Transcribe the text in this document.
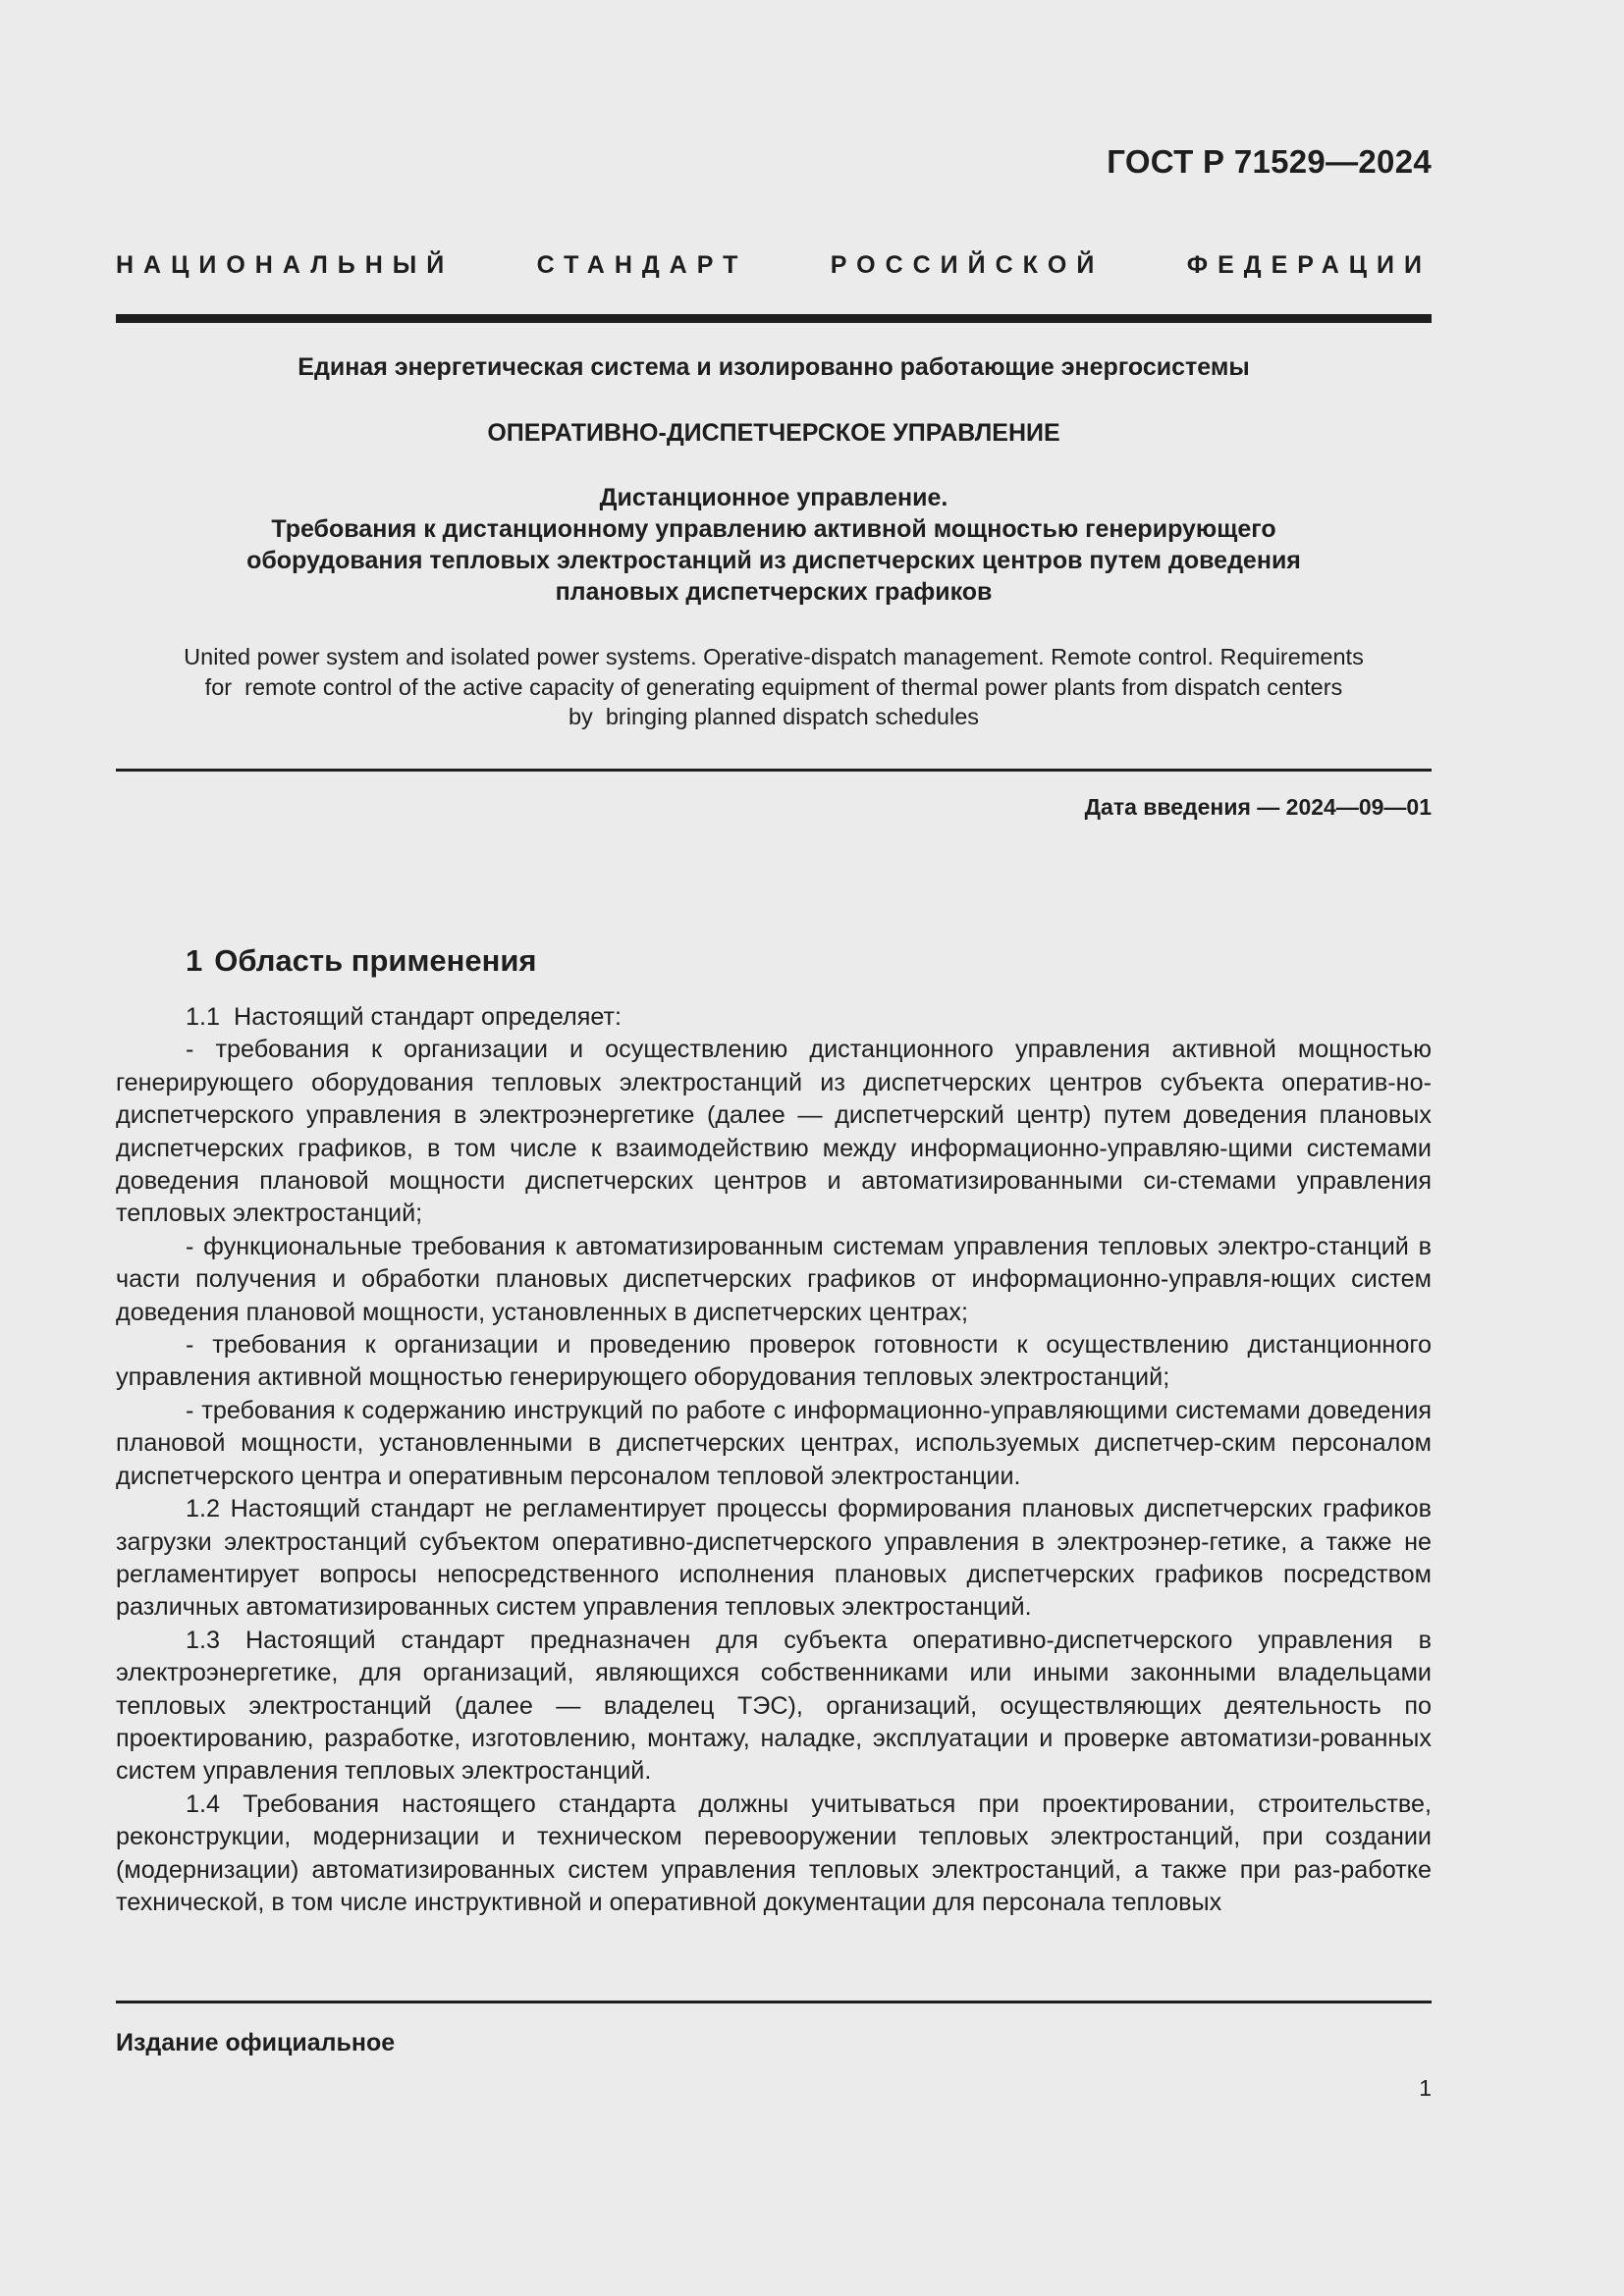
ГОСТ Р 71529—2024
НАЦИОНАЛЬНЫЙ СТАНДАРТ РОССИЙСКОЙ ФЕДЕРАЦИИ
Единая энергетическая система и изолированно работающие энергосистемы
ОПЕРАТИВНО-ДИСПЕТЧЕРСКОЕ УПРАВЛЕНИЕ
Дистанционное управление.
Требования к дистанционному управлению активной мощностью генерирующего
оборудования тепловых электростанций из диспетчерских центров путем доведения
плановых диспетчерских графиков
United power system and isolated power systems. Operative-dispatch management. Remote control. Requirements
for  remote control of the active capacity of generating equipment of thermal power plants from dispatch centers
by  bringing planned dispatch schedules
Дата введения — 2024—09—01
1 Область применения

1.1  Настоящий стандарт определяет:

- требования к организации и осуществлению дистанционного управления активной мощностью генерирующего оборудования тепловых электростанций из диспетчерских центров субъекта оператив-но-диспетчерского управления в электроэнергетике (далее — диспетчерский центр) путем доведения плановых диспетчерских графиков, в том числе к взаимодействию между информационно-управляю-щими системами доведения плановой мощности диспетчерских центров и автоматизированными си-стемами управления тепловых электростанций;

- функциональные требования к автоматизированным системам управления тепловых электро-станций в части получения и обработки плановых диспетчерских графиков от информационно-управля-ющих систем доведения плановой мощности, установленных в диспетчерских центрах;

- требования к организации и проведению проверок готовности к осуществлению дистанционного управления активной мощностью генерирующего оборудования тепловых электростанций;

- требования к содержанию инструкций по работе с информационно-управляющими системами доведения плановой мощности, установленными в диспетчерских центрах, используемых диспетчер-ским персоналом диспетчерского центра и оперативным персоналом тепловой электростанции.

1.2 Настоящий стандарт не регламентирует процессы формирования плановых диспетчерских графиков загрузки электростанций субъектом оперативно-диспетчерского управления в электроэнер-гетике, а также не регламентирует вопросы непосредственного исполнения плановых диспетчерских графиков посредством различных автоматизированных систем управления тепловых электростанций.

1.3 Настоящий стандарт предназначен для субъекта оперативно-диспетчерского управления в электроэнергетике, для организаций, являющихся собственниками или иными законными владельцами тепловых электростанций (далее — владелец ТЭС), организаций, осуществляющих деятельность по проектированию, разработке, изготовлению, монтажу, наладке, эксплуатации и проверке автоматизи-рованных систем управления тепловых электростанций.

1.4 Требования настоящего стандарта должны учитываться при проектировании, строительстве, реконструкции, модернизации и техническом перевооружении тепловых электростанций, при создании (модернизации) автоматизированных систем управления тепловых электростанций, а также при раз-работке технической, в том числе инструктивной и оперативной документации для персонала тепловых

Издание официальное
1
